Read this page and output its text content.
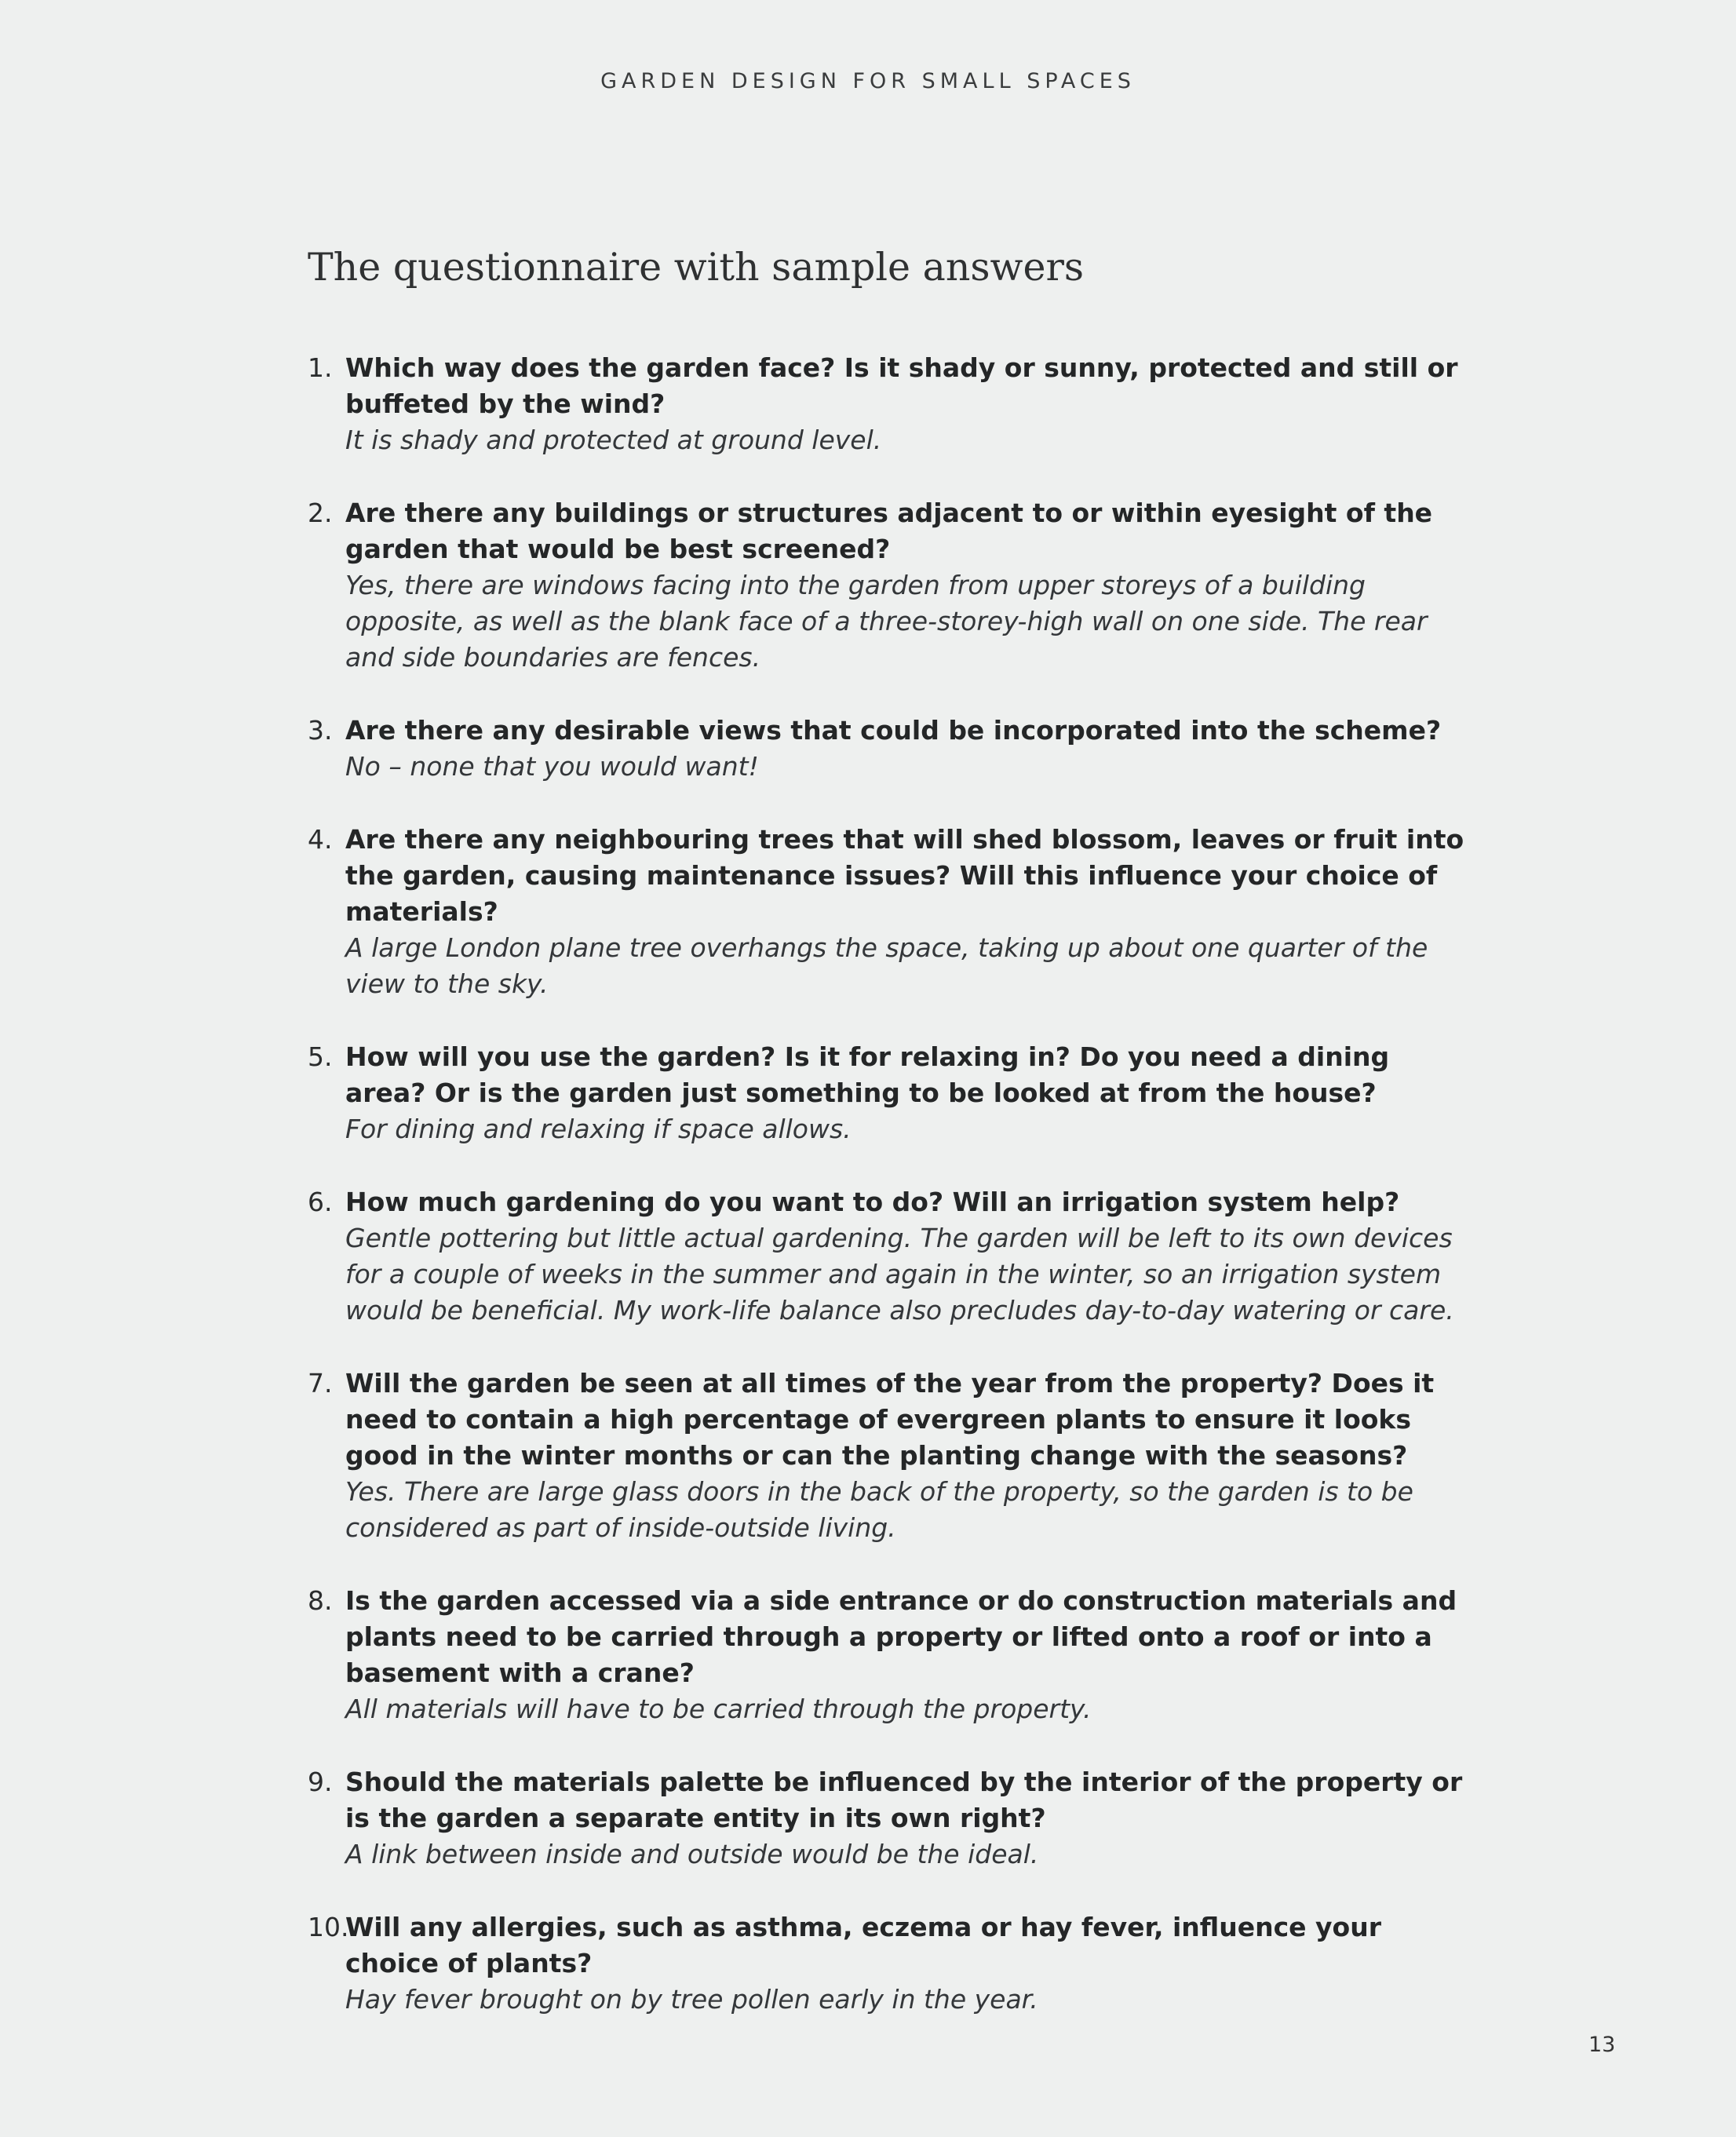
GARDEN DESIGN FOR SMALL SPACES
The questionnaire with sample answers
1. Which way does the garden face? Is it shady or sunny, protected and still or buffeted by the wind?
It is shady and protected at ground level.
2. Are there any buildings or structures adjacent to or within eyesight of the garden that would be best screened?
Yes, there are windows facing into the garden from upper storeys of a building opposite, as well as the blank face of a three-storey-high wall on one side. The rear and side boundaries are fences.
3. Are there any desirable views that could be incorporated into the scheme?
No – none that you would want!
4. Are there any neighbouring trees that will shed blossom, leaves or fruit into the garden, causing maintenance issues? Will this influence your choice of materials?
A large London plane tree overhangs the space, taking up about one quarter of the view to the sky.
5. How will you use the garden? Is it for relaxing in? Do you need a dining area? Or is the garden just something to be looked at from the house?
For dining and relaxing if space allows.
6. How much gardening do you want to do? Will an irrigation system help?
Gentle pottering but little actual gardening. The garden will be left to its own devices for a couple of weeks in the summer and again in the winter, so an irrigation system would be beneficial. My work-life balance also precludes day-to-day watering or care.
7. Will the garden be seen at all times of the year from the property? Does it need to contain a high percentage of evergreen plants to ensure it looks good in the winter months or can the planting change with the seasons?
Yes. There are large glass doors in the back of the property, so the garden is to be considered as part of inside-outside living.
8. Is the garden accessed via a side entrance or do construction materials and plants need to be carried through a property or lifted onto a roof or into a basement with a crane?
All materials will have to be carried through the property.
9. Should the materials palette be influenced by the interior of the property or is the garden a separate entity in its own right?
A link between inside and outside would be the ideal.
10.
Will any allergies, such as asthma, eczema or hay fever, influence your choice of plants?
Hay fever brought on by tree pollen early in the year.
13
